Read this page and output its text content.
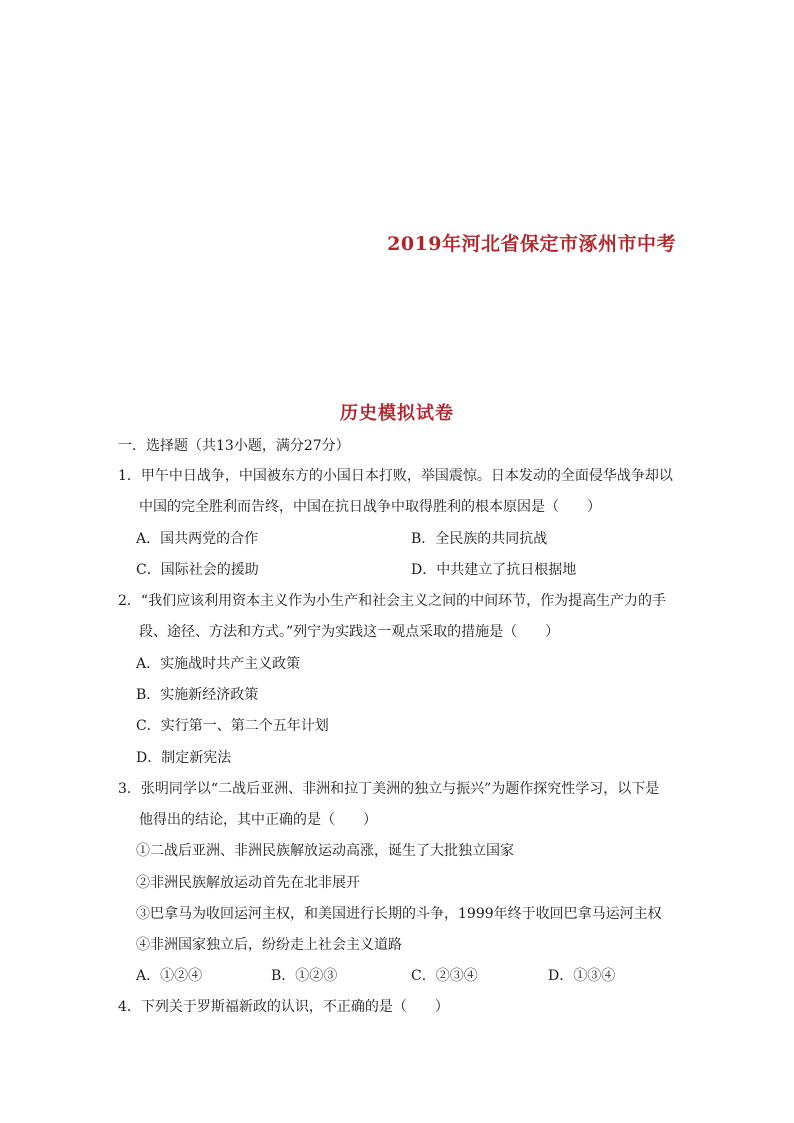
2019年河北省保定市涿州市中考
历史模拟试卷
一．选择题（共13小题，满分27分）
1．甲午中日战争，中国被东方的小国日本打败，举国震惊。日本发动的全面侵华战争却以
中国的完全胜利而告终，中国在抗日战争中取得胜利的根本原因是（　　）
A．国共两党的合作	B．全民族的共同抗战
C．国际社会的援助	D．中共建立了抗日根据地
2．“我们应该利用资本主义作为小生产和社会主义之间的中间环节，作为提高生产力的手
段、途径、方法和方式。”列宁为实践这一观点采取的措施是（　　）
A．实施战时共产主义政策
B．实施新经济政策
C．实行第一、第二个五年计划
D．制定新宪法
3．张明同学以“二战后亚洲、非洲和拉丁美洲的独立与振兴”为题作探究性学习，以下是
他得出的结论，其中正确的是（　　）
①二战后亚洲、非洲民族解放运动高涨，诞生了大批独立国家
②非洲民族解放运动首先在北非展开
③巴拿马为收回运河主权，和美国进行长期的斗争，1999年终于收回巴拿马运河主权
④非洲国家独立后，纷纷走上社会主义道路
A．①②④	B．①②③	C．②③④	D．①③④
4．下列关于罗斯福新政的认识，不正确的是（　　）
